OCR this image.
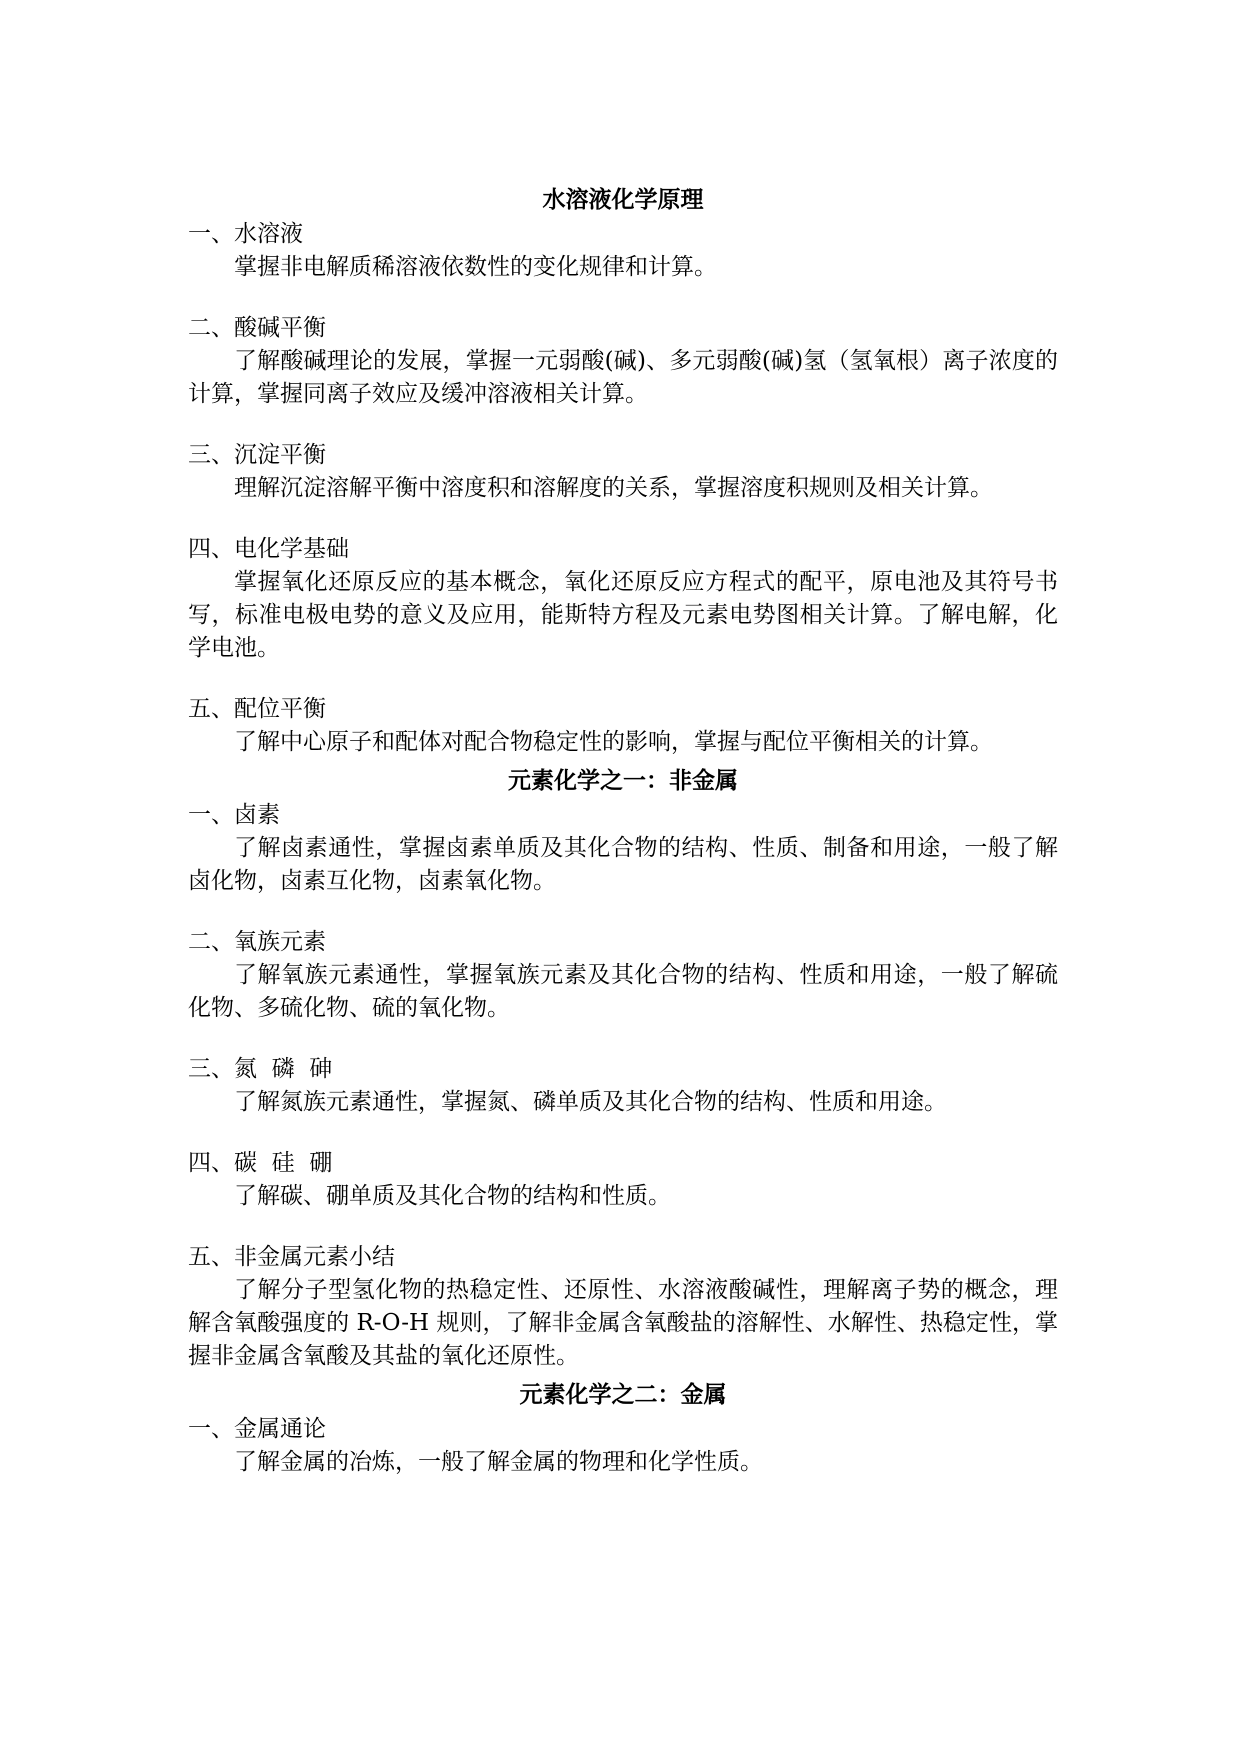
水溶液化学原理

一、水溶液

掌握非电解质稀溶液依数性的变化规律和计算。

二、酸碱平衡

了解酸碱理论的发展，掌握一元弱酸(碱)、多元弱酸(碱)氢（氢氧根）离子浓度的计算，掌握同离子效应及缓冲溶液相关计算。

三、沉淀平衡

理解沉淀溶解平衡中溶度积和溶解度的关系，掌握溶度积规则及相关计算。

四、电化学基础

掌握氧化还原反应的基本概念，氧化还原反应方程式的配平，原电池及其符号书写，标准电极电势的意义及应用，能斯特方程及元素电势图相关计算。了解电解，化学电池。

五、配位平衡

了解中心原子和配体对配合物稳定性的影响，掌握与配位平衡相关的计算。

元素化学之一：非金属

一、卤素

了解卤素通性，掌握卤素单质及其化合物的结构、性质、制备和用途，一般了解卤化物，卤素互化物，卤素氧化物。

二、氧族元素

了解氧族元素通性，掌握氧族元素及其化合物的结构、性质和用途，一般了解硫化物、多硫化物、硫的氧化物。

三、氮  磷  砷

了解氮族元素通性，掌握氮、磷单质及其化合物的结构、性质和用途。

四、碳  硅  硼

了解碳、硼单质及其化合物的结构和性质。

五、非金属元素小结

了解分子型氢化物的热稳定性、还原性、水溶液酸碱性，理解离子势的概念，理解含氧酸强度的 R-O-H 规则，了解非金属含氧酸盐的溶解性、水解性、热稳定性，掌握非金属含氧酸及其盐的氧化还原性。

元素化学之二：金属

一、金属通论

了解金属的冶炼，一般了解金属的物理和化学性质。
